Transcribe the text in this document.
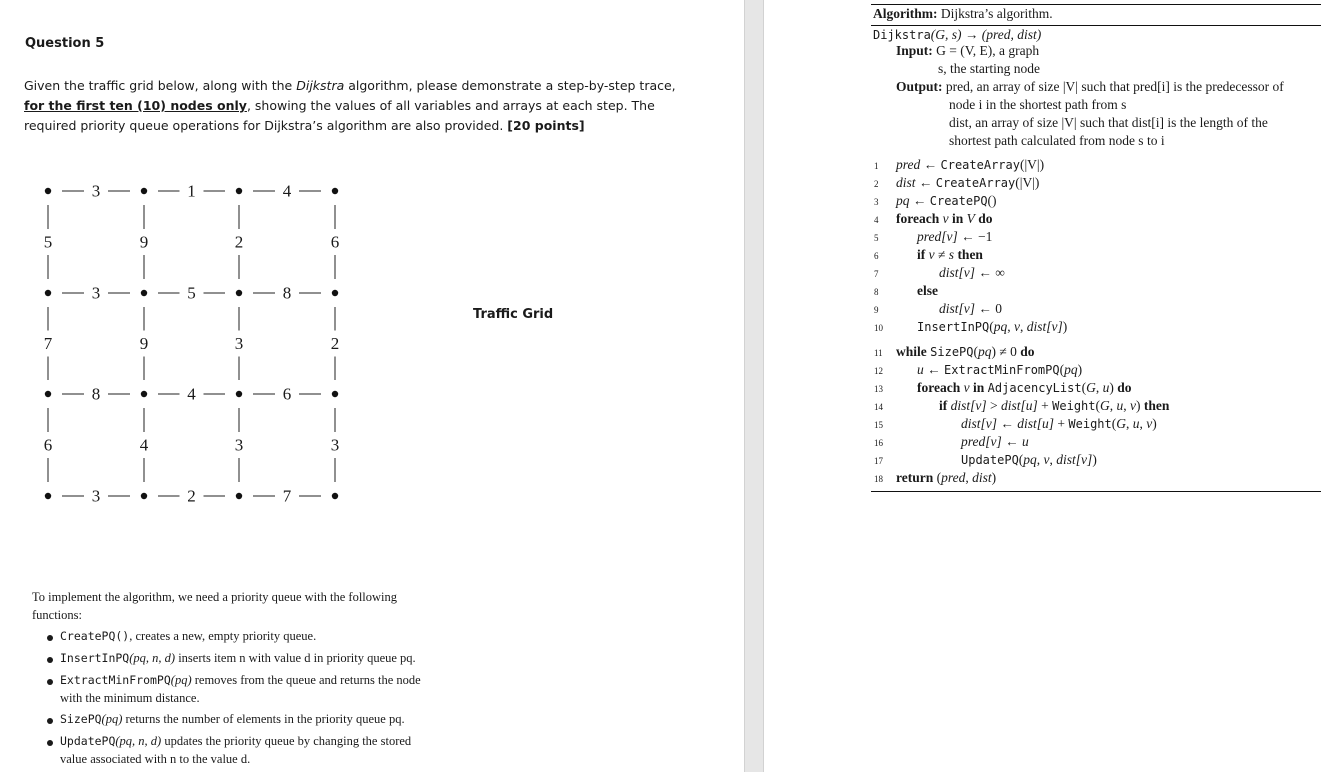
Question 5
Given the traffic grid below, along with the Dijkstra algorithm, please demonstrate a step-by-step trace,
for the first ten (10) nodes only, showing the values of all variables and arrays at each step. The
required priority queue operations for Dijkstra’s algorithm are also provided. [20 points]
3	1	4
3	5	8
8	4	6
3	2	7
5	9	2	6
7	9	3	2
6	4	3	3
Traffic Grid
To implement the algorithm, we need a priority queue with the following
functions:
CreatePQ(), creates a new, empty priority queue.
InsertInPQ(pq, n, d) inserts item n with value d in priority queue pq.
ExtractMinFromPQ(pq) removes from the queue and returns the node
with the minimum distance.
SizePQ(pq) returns the number of elements in the priority queue pq.
UpdatePQ(pq, n, d) updates the priority queue by changing the stored
value associated with n to the value d.
Algorithm: Dijkstra’s algorithm.
Dijkstra(G, s) → (pred, dist)
Input: G = (V, E), a graph
s, the starting node
Output: pred, an array of size |V| such that pred[i] is the predecessor of
node i in the shortest path from s
dist, an array of size |V| such that dist[i] is the length of the
shortest path calculated from node s to i
1 pred ← CreateArray(|V|)
2 dist ← CreateArray(|V|)
3 pq ← CreatePQ()
4 foreach v in V do
5	pred[v] ← −1
6	if v ≠ s then
7	dist[v] ← ∞
8	else
9	dist[v] ← 0
10	InsertInPQ(pq, v, dist[v])
11 while SizePQ(pq) ≠ 0 do
12	u ← ExtractMinFromPQ(pq)
13	foreach v in AdjacencyList(G, u) do
14	if dist[v] > dist[u] + Weight(G, u, v) then
15	dist[v] ← dist[u] + Weight(G, u, v)
16	pred[v] ← u
17	UpdatePQ(pq, v, dist[v])
18 return (pred, dist)
